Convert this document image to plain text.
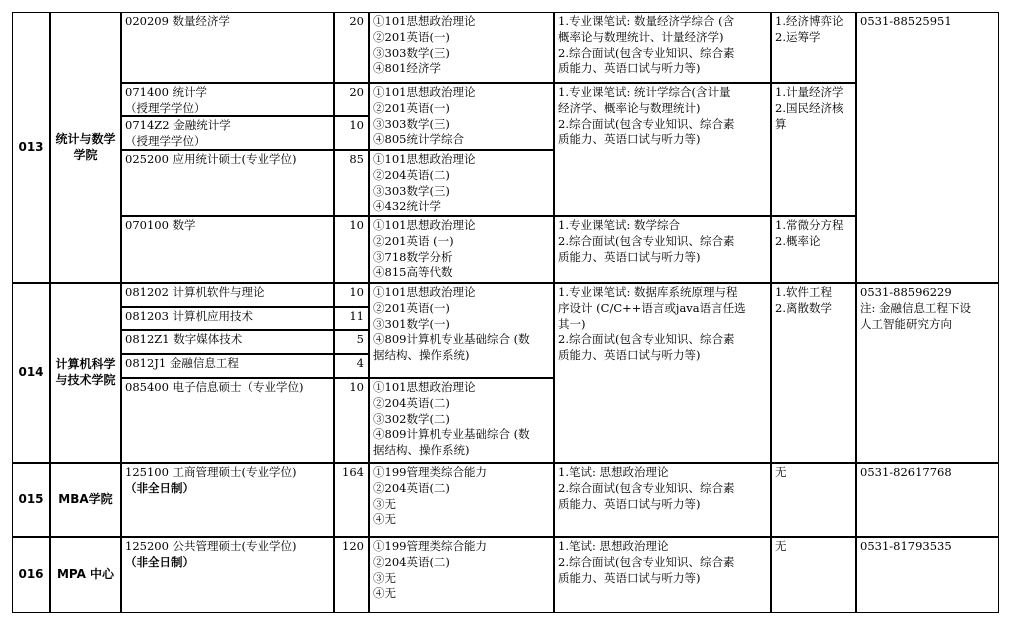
013
014
015
016
统计与数学学院
计算机科学与技术学院
MBA学院
MPA 中心
020209 数量经济学
071400 统计学
（授理学学位）
0714Z2 金融统计学
（授理学学位）
025200 应用统计硕士(专业学位)
070100 数学
081202 计算机软件与理论
081203 计算机应用技术
0812Z1 数字媒体技术
0812J1 金融信息工程
085400 电子信息硕士（专业学位)
125100 工商管理硕士(专业学位)
（非全日制）
125200 公共管理硕士(专业学位)
（非全日制）
20
20
10
85
10
10
11
5
4
10
164
120
①101思想政治理论
②201英语(一)
③303数学(三)
④801经济学
①101思想政治理论
②201英语(一)
③303数学(三)
④805统计学综合
①101思想政治理论
②204英语(二)
③303数学(三)
④432统计学
①101思想政治理论
②201英语 (一)
③718数学分析
④815高等代数
①101思想政治理论
②201英语(一)
③301数学(一)
④809计算机专业基础综合 (数
据结构、操作系统)
①101思想政治理论
②204英语(二)
③302数学(二)
④809计算机专业基础综合 (数
据结构、操作系统)
①199管理类综合能力
②204英语(二)
③无
④无
①199管理类综合能力
②204英语(二)
③无
④无
1.专业课笔试: 数量经济学综合 (含
概率论与数理统计、计量经济学)
2.综合面试(包含专业知识、综合素
质能力、英语口试与听力等)
1.专业课笔试: 统计学综合(含计量
经济学、概率论与数理统计)
2.综合面试(包含专业知识、综合素
质能力、英语口试与听力等)
1.专业课笔试: 数学综合
2.综合面试(包含专业知识、综合素
质能力、英语口试与听力等)
1.专业课笔试: 数据库系统原理与程
序设计 (C/C++语言或java语言任选
其一)
2.综合面试(包含专业知识、综合素
质能力、英语口试与听力等)
1.笔试: 思想政治理论
2.综合面试(包含专业知识、综合素
质能力、英语口试与听力等)
1.笔试: 思想政治理论
2.综合面试(包含专业知识、综合素
质能力、英语口试与听力等)
1.经济博弈论
2.运筹学
1.计量经济学
2.国民经济核
算
1.常微分方程
2.概率论
1.软件工程
2.离散数学
无
无
0531-88525951
0531-88596229
注: 金融信息工程下设
人工智能研究方向
0531-82617768
0531-81793535
